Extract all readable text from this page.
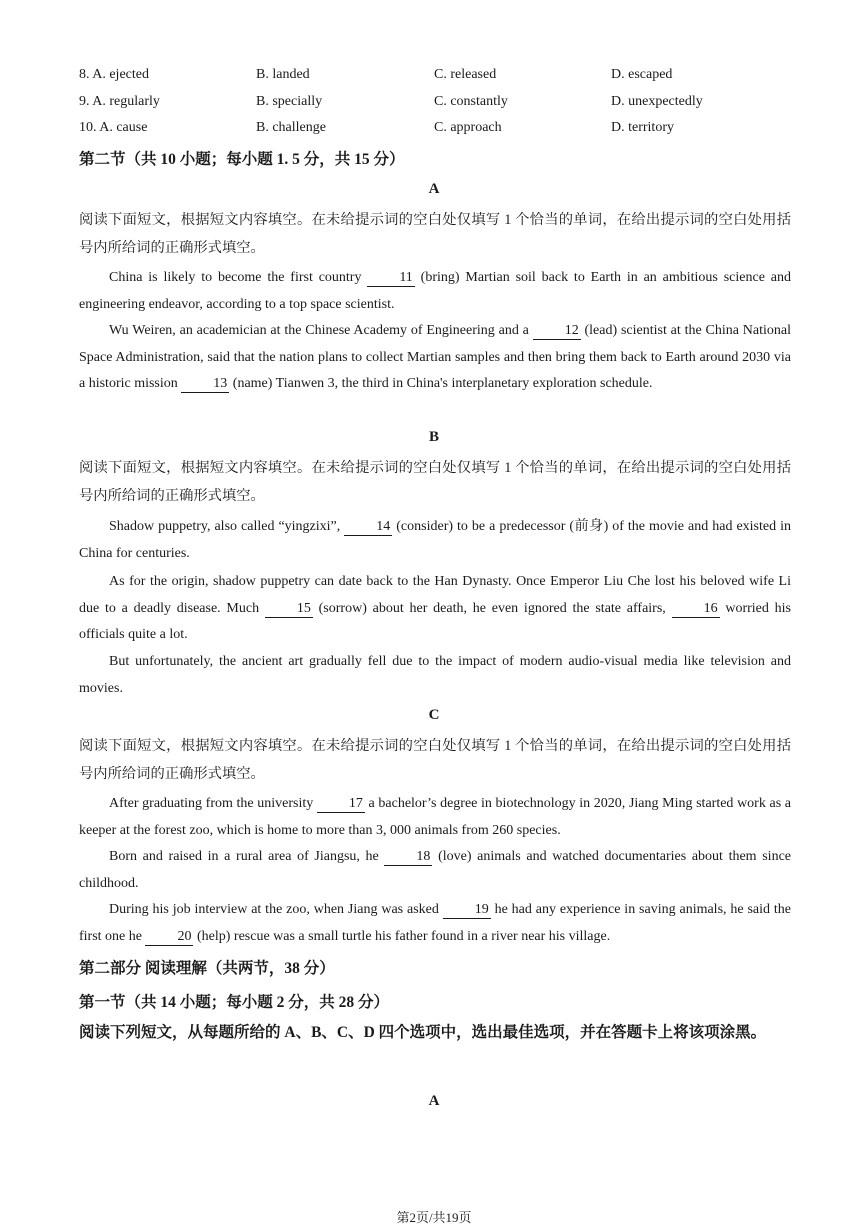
8. A. ejected	B. landed	C. released	D. escaped
9. A. regularly	B. specially	C. constantly	D. unexpectedly
10. A. cause	B. challenge	C. approach	D. territory
第二节（共 10 小题；每小题 1. 5 分，共 15 分）
A
阅读下面短文，根据短文内容填空。在未给提示词的空白处仅填写 1 个恰当的单词，在给出提示词的空白处用括号内所给词的正确形式填空。
China is likely to become the first country 11 (bring) Martian soil back to Earth in an ambitious science and engineering endeavor, according to a top space scientist.
Wu Weiren, an academician at the Chinese Academy of Engineering and a 12 (lead) scientist at the China National Space Administration, said that the nation plans to collect Martian samples and then bring them back to Earth around 2030 via a historic mission 13 (name) Tianwen 3, the third in China's interplanetary exploration schedule.
B
阅读下面短文，根据短文内容填空。在未给提示词的空白处仅填写 1 个恰当的单词，在给出提示词的空白处用括号内所给词的正确形式填空。
Shadow puppetry, also called “yingzixi”, 14 (consider) to be a predecessor (前身) of the movie and had existed in China for centuries.
As for the origin, shadow puppetry can date back to the Han Dynasty. Once Emperor Liu Che lost his beloved wife Li due to a deadly disease. Much 15 (sorrow) about her death, he even ignored the state affairs, 16 worried his officials quite a lot.
But unfortunately, the ancient art gradually fell due to the impact of modern audio-visual media like television and movies.
C
阅读下面短文，根据短文内容填空。在未给提示词的空白处仅填写 1 个恰当的单词，在给出提示词的空白处用括号内所给词的正确形式填空。
After graduating from the university 17 a bachelor’s degree in biotechnology in 2020, Jiang Ming started work as a keeper at the forest zoo, which is home to more than 3, 000 animals from 260 species.
Born and raised in a rural area of Jiangsu, he 18 (love) animals and watched documentaries about them since childhood.
During his job interview at the zoo, when Jiang was asked 19 he had any experience in saving animals, he said the first one he 20 (help) rescue was a small turtle his father found in a river near his village.
第二部分 阅读理解（共两节，38 分）
第一节（共 14 小题；每小题 2 分，共 28 分）
阅读下列短文，从每题所给的 A、B、C、D 四个选项中，选出最佳选项，并在答题卡上将该项涂黑。
A
第2页/共19页
